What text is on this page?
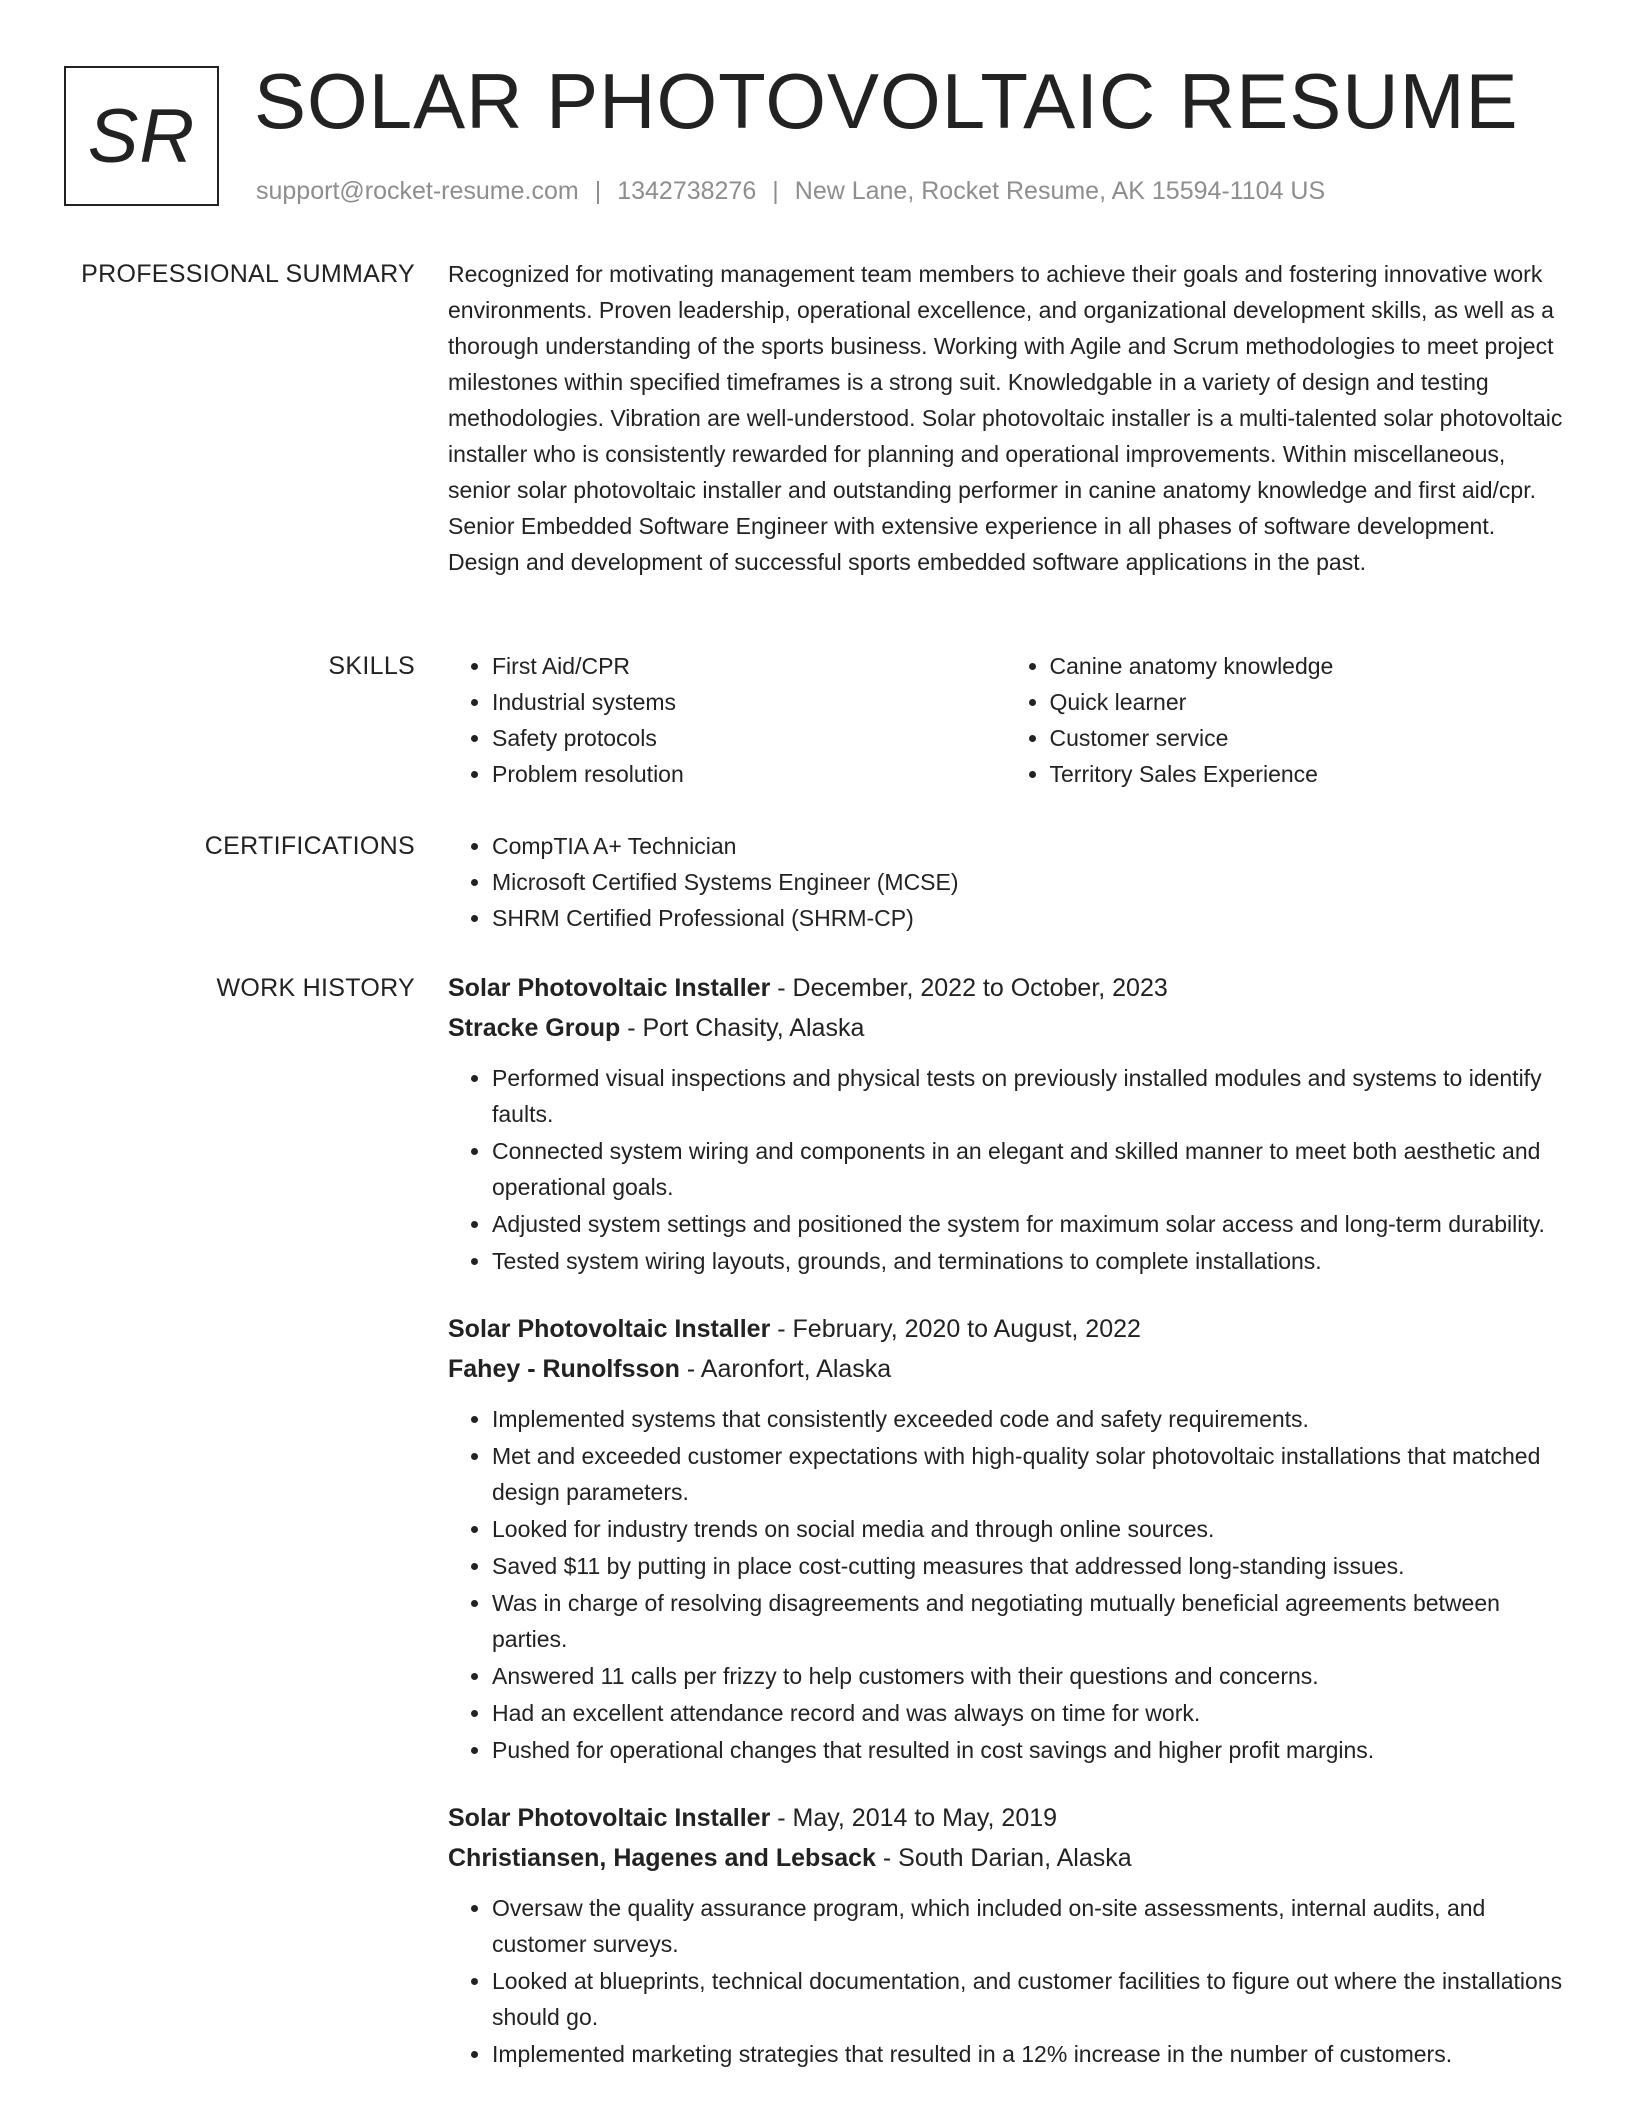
SR SOLAR PHOTOVOLTAIC RESUME
support@rocket-resume.com | 1342738276 | New Lane, Rocket Resume, AK 15594-1104 US
PROFESSIONAL SUMMARY Recognized for motivating management team members to achieve their goals and fostering innovative work environments. Proven leadership, operational excellence, and organizational development skills, as well as a thorough understanding of the sports business. Working with Agile and Scrum methodologies to meet project milestones within specified timeframes is a strong suit. Knowledgable in a variety of design and testing methodologies. Vibration are well-understood. Solar photovoltaic installer is a multi-talented solar photovoltaic installer who is consistently rewarded for planning and operational improvements. Within miscellaneous, senior solar photovoltaic installer and outstanding performer in canine anatomy knowledge and first aid/cpr. Senior Embedded Software Engineer with extensive experience in all phases of software development. Design and development of successful sports embedded software applications in the past.

SKILLS	• First Aid/CPR
• Industrial systems
• Safety protocols
• Problem resolution
• Canine anatomy knowledge
• Quick learner
• Customer service
• Territory Sales Experience
CERTIFICATIONS	• CompTIA A+ Technician
• Microsoft Certified Systems Engineer (MCSE)
• SHRM Certified Professional (SHRM-CP)
WORK HISTORY Solar Photovoltaic Installer - December, 2022 to October, 2023
Stracke Group - Port Chasity, Alaska
• Performed visual inspections and physical tests on previously installed modules and systems to identify faults.
• Connected system wiring and components in an elegant and skilled manner to meet both aesthetic and operational goals.
• Adjusted system settings and positioned the system for maximum solar access and long-term durability.
• Tested system wiring layouts, grounds, and terminations to complete installations.
Solar Photovoltaic Installer - February, 2020 to August, 2022
Fahey - Runolfsson - Aaronfort, Alaska
• Implemented systems that consistently exceeded code and safety requirements.
• Met and exceeded customer expectations with high-quality solar photovoltaic installations that matched design parameters.
• Looked for industry trends on social media and through online sources.
• Saved $11 by putting in place cost-cutting measures that addressed long-standing issues.
• Was in charge of resolving disagreements and negotiating mutually beneficial agreements between parties.
• Answered 11 calls per frizzy to help customers with their questions and concerns.
• Had an excellent attendance record and was always on time for work.
• Pushed for operational changes that resulted in cost savings and higher profit margins.
Solar Photovoltaic Installer - May, 2014 to May, 2019
Christiansen, Hagenes and Lebsack - South Darian, Alaska
• Oversaw the quality assurance program, which included on-site assessments, internal audits, and customer surveys.
• Looked at blueprints, technical documentation, and customer facilities to figure out where the installations should go.
• Implemented marketing strategies that resulted in a 12% increase in the number of customers.
